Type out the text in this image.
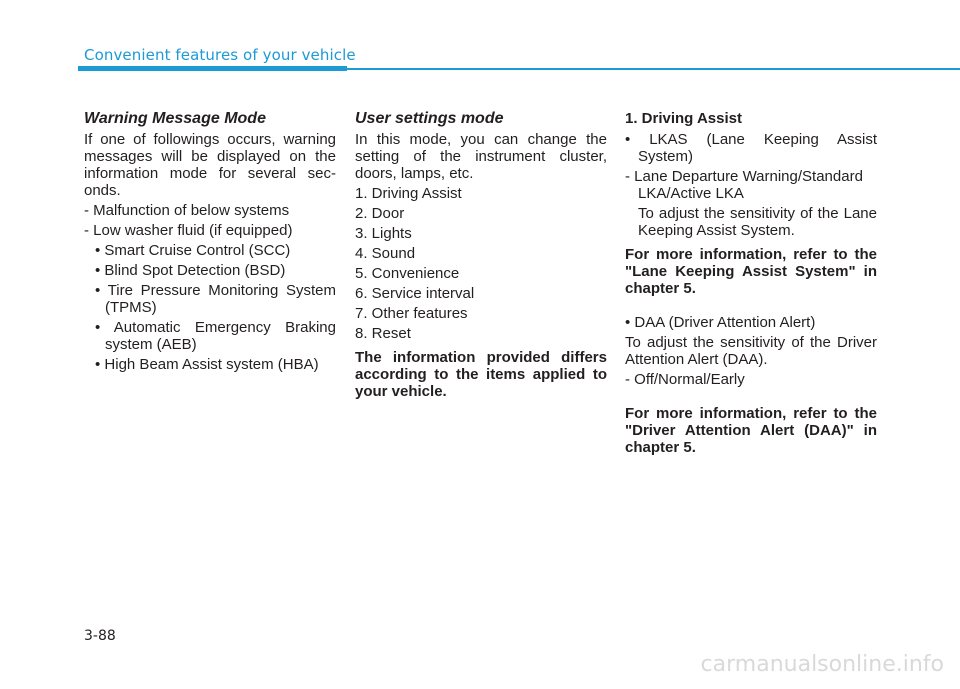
Convenient features of your vehicle
Warning Message Mode
If one of followings occurs, warning messages will be displayed on the information mode for several sec-onds.
- Malfunction of below systems
- Low washer fluid (if equipped)
• Smart Cruise Control (SCC)
• Blind Spot Detection (BSD)
• Tire Pressure Monitoring System (TPMS)
• Automatic Emergency Braking system (AEB)
• High Beam Assist system (HBA)
User settings mode
In this mode, you can change the setting of the instrument cluster, doors, lamps, etc.
1. Driving Assist
2. Door
3. Lights
4. Sound
5. Convenience
6. Service interval
7. Other features
8. Reset
The information provided differs according to the items applied to your vehicle.
1. Driving Assist
• LKAS (Lane Keeping Assist System)
- Lane Departure Warning/Standard LKA/Active LKA
To adjust the sensitivity of the Lane Keeping Assist System.
For more information, refer to the "Lane Keeping Assist System" in chapter 5.
• DAA (Driver Attention Alert)
To adjust the sensitivity of the Driver Attention Alert (DAA).
- Off/Normal/Early
For more information, refer to the "Driver Attention Alert (DAA)" in chapter 5.
3-88
carmanualsonline.info
